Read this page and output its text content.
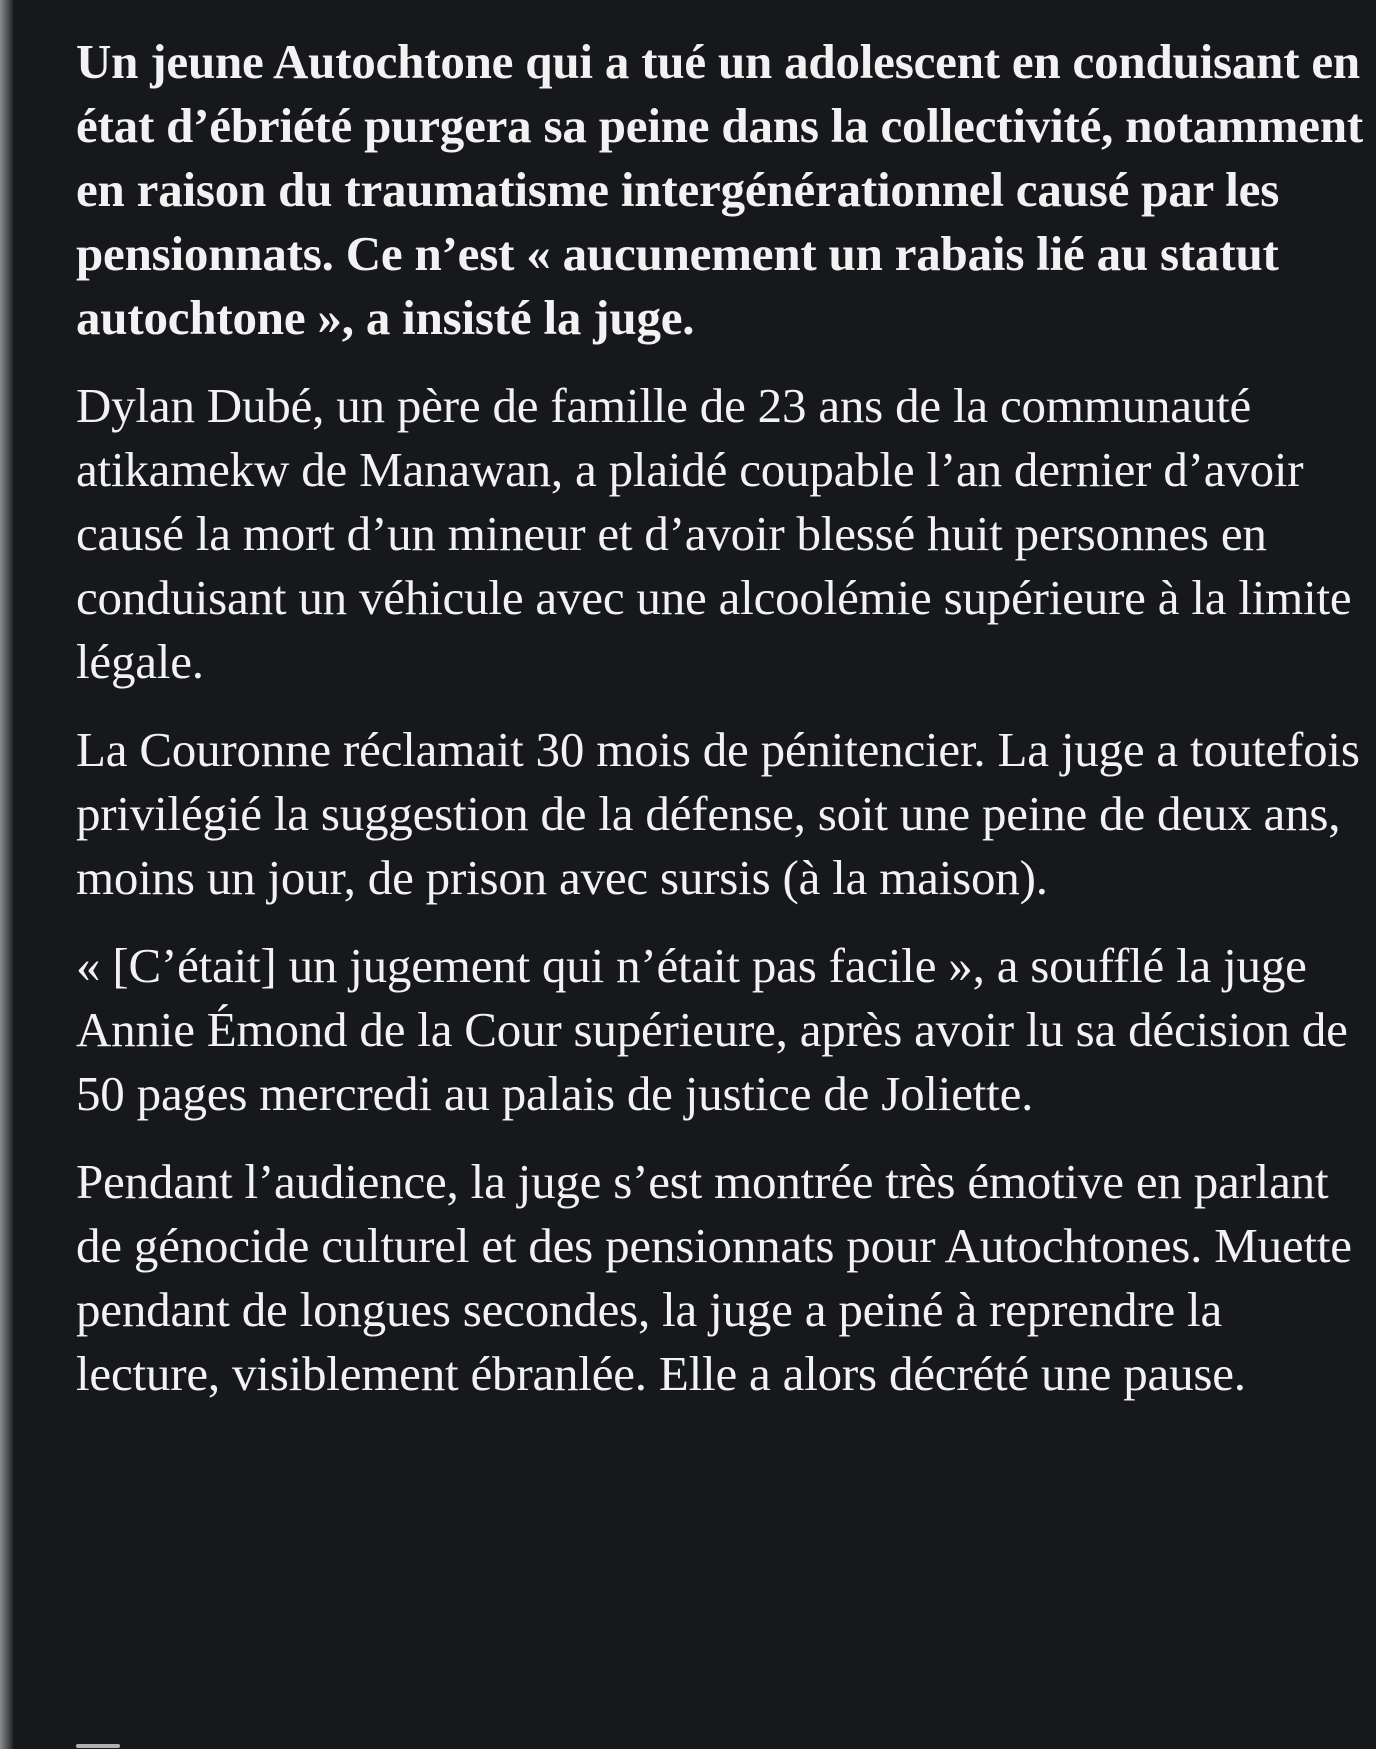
Un jeune Autochtone qui a tué un adolescent en conduisant en état d’ébriété purgera sa peine dans la collectivité, notamment en raison du traumatisme intergénérationnel causé par les pensionnats. Ce n’est « aucunement un rabais lié au statut autochtone », a insisté la juge.

Dylan Dubé, un père de famille de 23 ans de la communauté atikamekw de Manawan, a plaidé coupable l’an dernier d’avoir causé la mort d’un mineur et d’avoir blessé huit personnes en conduisant un véhicule avec une alcoolémie supérieure à la limite légale.

La Couronne réclamait 30 mois de pénitencier. La juge a toutefois privilégié la suggestion de la défense, soit une peine de deux ans, moins un jour, de prison avec sursis (à la maison).

« [C’était] un jugement qui n’était pas facile », a soufflé la juge Annie Émond de la Cour supérieure, après avoir lu sa décision de 50 pages mercredi au palais de justice de Joliette.

Pendant l’audience, la juge s’est montrée très émotive en parlant de génocide culturel et des pensionnats pour Autochtones. Muette pendant de longues secondes, la juge a peiné à reprendre la lecture, visiblement ébranlée. Elle a alors décrété une pause.
